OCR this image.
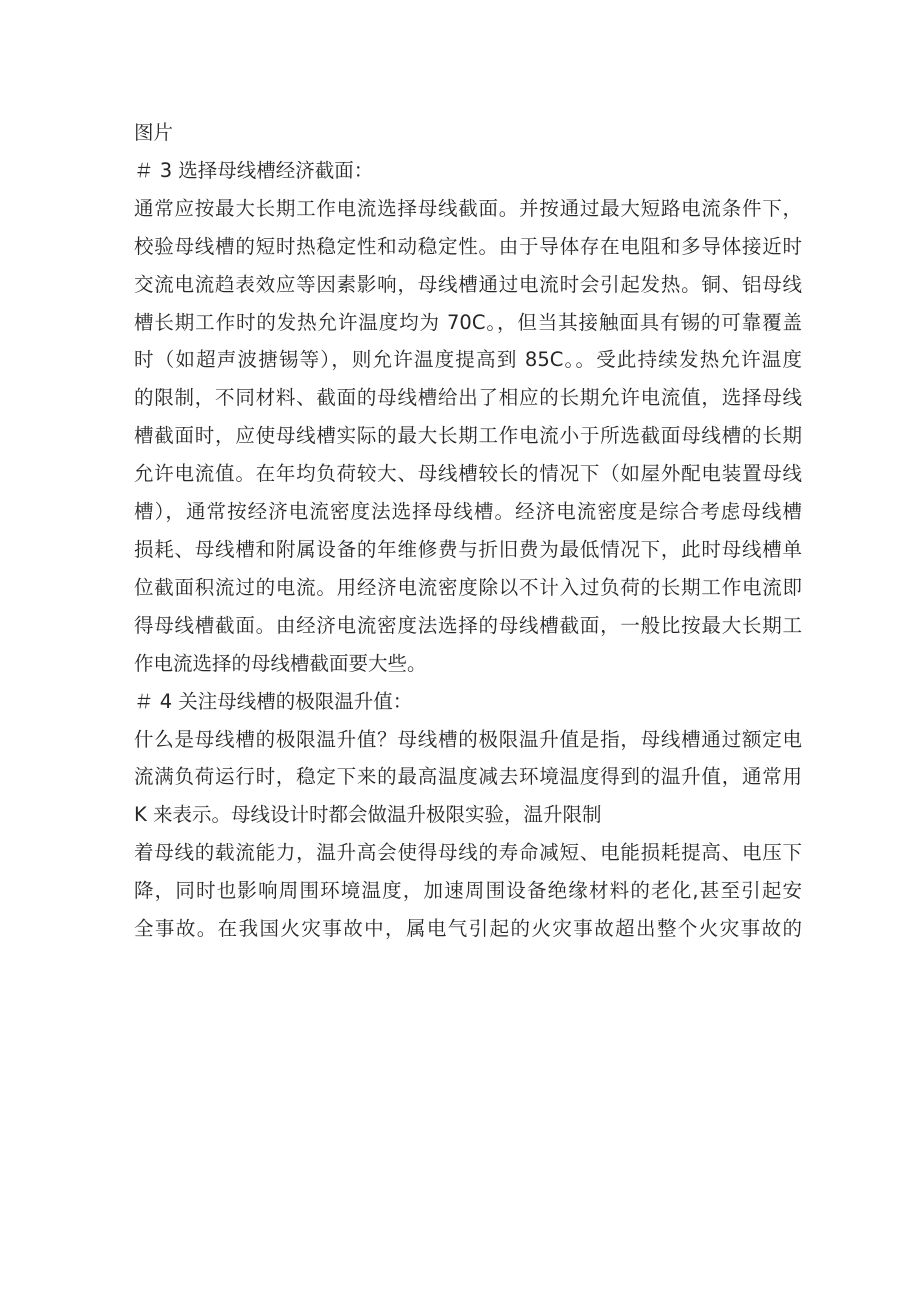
图片
＃ 3 选择母线槽经济截面：
通常应按最大长期工作电流选择母线截面。并按通过最大短路电流条件下，
校验母线槽的短时热稳定性和动稳定性。由于导体存在电阻和多导体接近时
交流电流趋表效应等因素影响，母线槽通过电流时会引起发热。铜、铝母线
槽长期工作时的发热允许温度均为 70C。，但当其接触面具有锡的可靠覆盖
时（如超声波搪锡等），则允许温度提高到 85C。。受此持续发热允许温度
的限制，不同材料、截面的母线槽给出了相应的长期允许电流值，选择母线
槽截面时，应使母线槽实际的最大长期工作电流小于所选截面母线槽的长期
允许电流值。在年均负荷较大、母线槽较长的情况下（如屋外配电装置母线
槽），通常按经济电流密度法选择母线槽。经济电流密度是综合考虑母线槽
损耗、母线槽和附属设备的年维修费与折旧费为最低情况下，此时母线槽单
位截面积流过的电流。用经济电流密度除以不计入过负荷的长期工作电流即
得母线槽截面。由经济电流密度法选择的母线槽截面，一般比按最大长期工
作电流选择的母线槽截面要大些。
＃ 4 关注母线槽的极限温升值：
什么是母线槽的极限温升值？母线槽的极限温升值是指，母线槽通过额定电
流满负荷运行时，稳定下来的最高温度减去环境温度得到的温升值，通常用
K 来表示。母线设计时都会做温升极限实验，温升限制
着母线的载流能力，温升高会使得母线的寿命减短、电能损耗提高、电压下
降，同时也影响周围环境温度，加速周围设备绝缘材料的老化,甚至引起安
全事故。在我国火灾事故中，属电气引起的火灾事故超出整个火灾事故的
